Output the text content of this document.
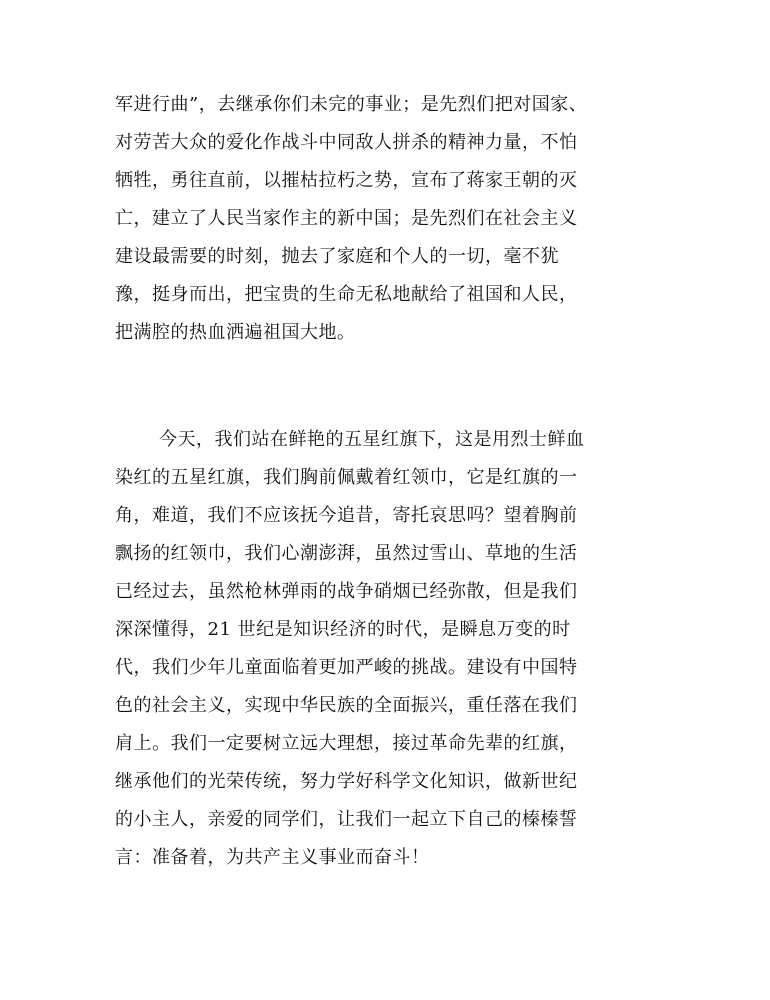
军进行曲”，去继承你们未完的事业；是先烈们把对国家、
对劳苦大众的爱化作战斗中同敌人拼杀的精神力量，不怕
牺牲，勇往直前，以摧枯拉朽之势，宣布了蒋家王朝的灭
亡，建立了人民当家作主的新中国；是先烈们在社会主义
建设最需要的时刻，抛去了家庭和个人的一切，毫不犹
豫，挺身而出，把宝贵的生命无私地献给了祖国和人民，
把满腔的热血洒遍祖国大地。
今天，我们站在鲜艳的五星红旗下，这是用烈士鲜血
染红的五星红旗，我们胸前佩戴着红领巾，它是红旗的一
角，难道，我们不应该抚今追昔，寄托哀思吗？望着胸前
飘扬的红领巾，我们心潮澎湃，虽然过雪山、草地的生活
已经过去，虽然枪林弹雨的战争硝烟已经弥散，但是我们
深深懂得，21 世纪是知识经济的时代，是瞬息万变的时
代，我们少年儿童面临着更加严峻的挑战。建设有中国特
色的社会主义，实现中华民族的全面振兴，重任落在我们
肩上。我们一定要树立远大理想，接过革命先辈的红旗，
继承他们的光荣传统，努力学好科学文化知识，做新世纪
的小主人，亲爱的同学们，让我们一起立下自己的榛榛誓
言：准备着，为共产主义事业而奋斗！
